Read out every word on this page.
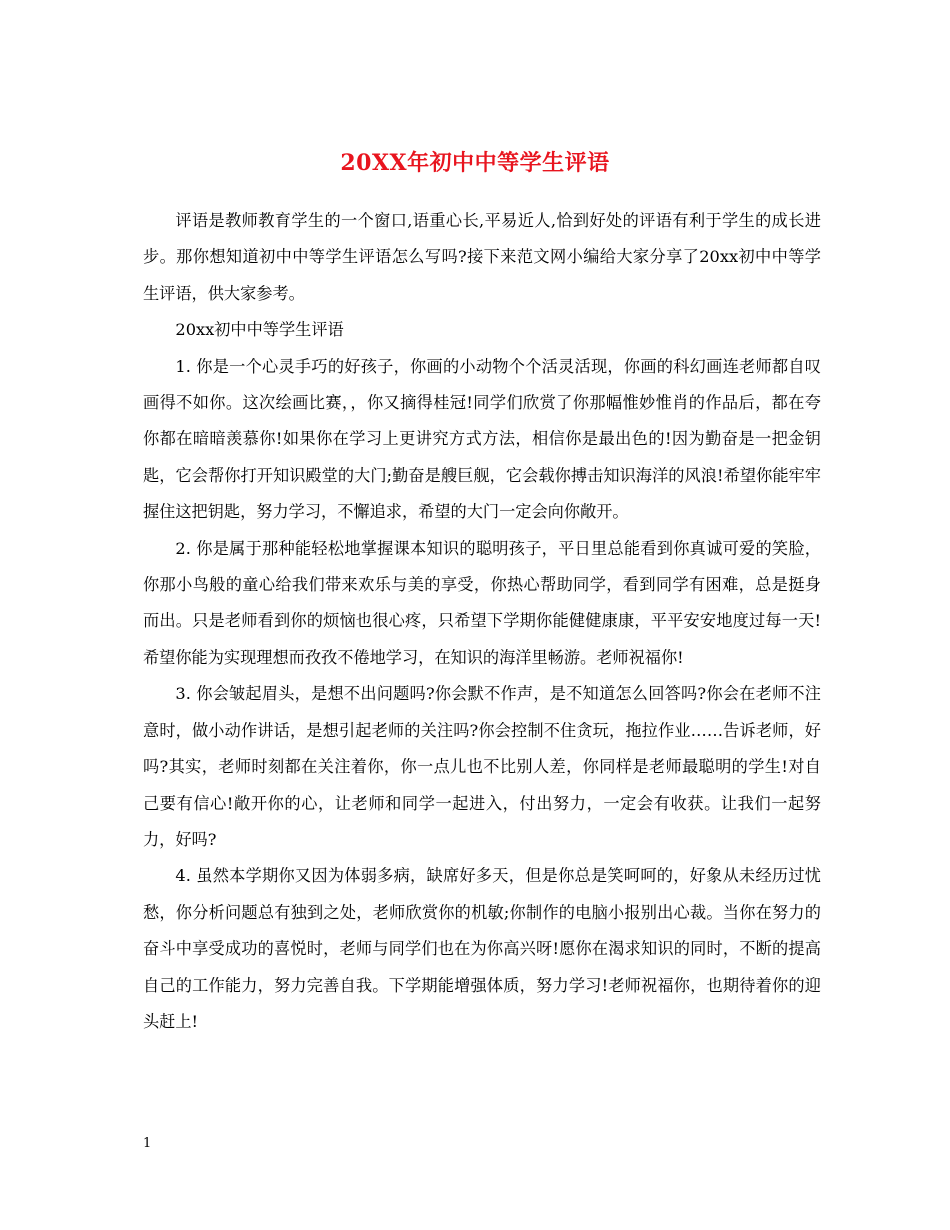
20XX年初中中等学生评语

评语是教师教育学生的一个窗口,语重心长,平易近人,恰到好处的评语有利于学生的成长进步。那你想知道初中中等学生评语怎么写吗?接下来范文网小编给大家分享了20xx初中中等学生评语，供大家参考。

20xx初中中等学生评语

1. 你是一个心灵手巧的好孩子，你画的小动物个个活灵活现，你画的科幻画连老师都自叹画得不如你。这次绘画比赛，，你又摘得桂冠!同学们欣赏了你那幅惟妙惟肖的作品后，都在夸你都在暗暗羡慕你!如果你在学习上更讲究方式方法，相信你是最出色的!因为勤奋是一把金钥匙，它会帮你打开知识殿堂的大门;勤奋是艘巨舰，它会载你搏击知识海洋的风浪!希望你能牢牢握住这把钥匙，努力学习，不懈追求，希望的大门一定会向你敞开。

2. 你是属于那种能轻松地掌握课本知识的聪明孩子，平日里总能看到你真诚可爱的笑脸，你那小鸟般的童心给我们带来欢乐与美的享受，你热心帮助同学，看到同学有困难，总是挺身而出。只是老师看到你的烦恼也很心疼，只希望下学期你能健健康康，平平安安地度过每一天!希望你能为实现理想而孜孜不倦地学习，在知识的海洋里畅游。老师祝福你!

3. 你会皱起眉头，是想不出问题吗?你会默不作声，是不知道怎么回答吗?你会在老师不注意时，做小动作讲话，是想引起老师的关注吗?你会控制不住贪玩，拖拉作业……告诉老师，好吗?其实，老师时刻都在关注着你，你一点儿也不比别人差，你同样是老师最聪明的学生!对自己要有信心!敞开你的心，让老师和同学一起进入，付出努力，一定会有收获。让我们一起努力，好吗?

4. 虽然本学期你又因为体弱多病，缺席好多天，但是你总是笑呵呵的，好象从未经历过忧愁，你分析问题总有独到之处，老师欣赏你的机敏;你制作的电脑小报别出心裁。当你在努力的奋斗中享受成功的喜悦时，老师与同学们也在为你高兴呀!愿你在渴求知识的同时，不断的提高自己的工作能力，努力完善自我。下学期能增强体质，努力学习!老师祝福你，也期待着你的迎头赶上!

1
